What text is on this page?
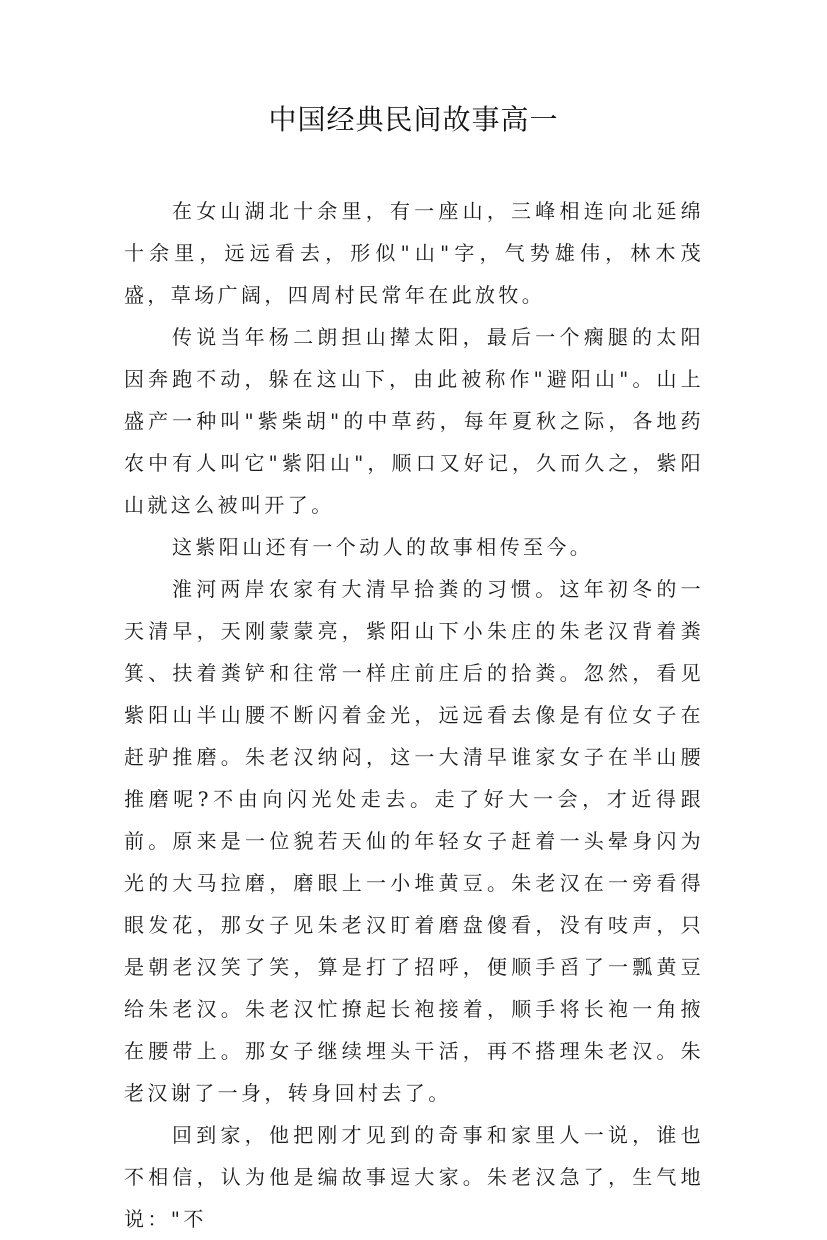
中国经典民间故事高一

在女山湖北十余里，有一座山，三峰相连向北延绵十余里，远远看去，形似"山"字，气势雄伟，林木茂盛，草场广阔，四周村民常年在此放牧。

传说当年杨二朗担山撵太阳，最后一个瘸腿的太阳因奔跑不动，躲在这山下，由此被称作"避阳山"。山上盛产一种叫"紫柴胡"的中草药，每年夏秋之际，各地药农中有人叫它"紫阳山"，顺口又好记，久而久之，紫阳山就这么被叫开了。

这紫阳山还有一个动人的故事相传至今。

淮河两岸农家有大清早拾粪的习惯。这年初冬的一天清早，天刚蒙蒙亮，紫阳山下小朱庄的朱老汉背着粪箕、扶着粪铲和往常一样庄前庄后的拾粪。忽然，看见紫阳山半山腰不断闪着金光，远远看去像是有位女子在赶驴推磨。朱老汉纳闷，这一大清早谁家女子在半山腰推磨呢?不由向闪光处走去。走了好大一会，才近得跟前。原来是一位貌若天仙的年轻女子赶着一头晕身闪为光的大马拉磨，磨眼上一小堆黄豆。朱老汉在一旁看得眼发花，那女子见朱老汉盯着磨盘傻看，没有吱声，只是朝老汉笑了笑，算是打了招呼，便顺手舀了一瓢黄豆给朱老汉。朱老汉忙撩起长袍接着，顺手将长袍一角掖在腰带上。那女子继续埋头干活，再不搭理朱老汉。朱老汉谢了一身，转身回村去了。

回到家，他把刚才见到的奇事和家里人一说，谁也不相信，认为他是编故事逗大家。朱老汉急了，生气地说："不
